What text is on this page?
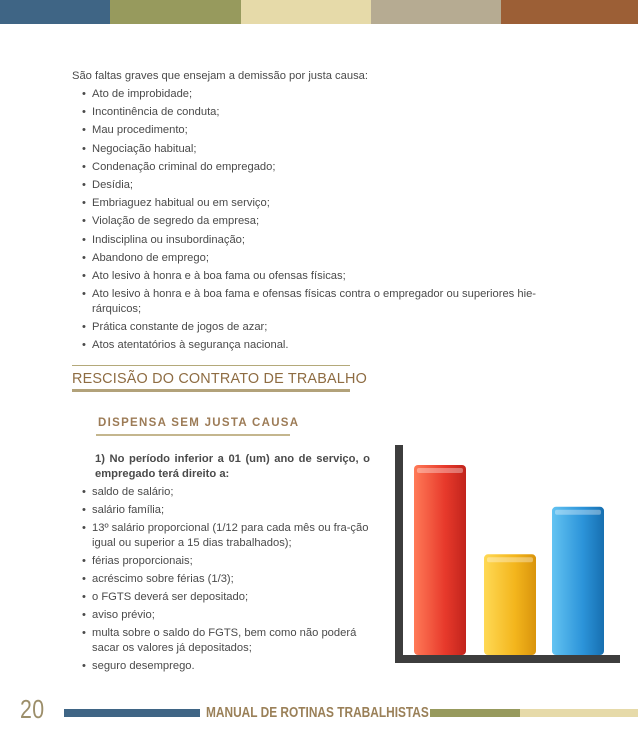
São faltas graves que ensejam a demissão por justa causa:
• Ato de improbidade;
• Incontinência de conduta;
• Mau procedimento;
• Negociação habitual;
• Condenação criminal do empregado;
• Desídia;
• Embriaguez habitual ou em serviço;
• Violação de segredo da empresa;
• Indisciplina ou insubordinação;
• Abandono de emprego;
• Ato lesivo à honra e à boa fama ou ofensas físicas;
• Ato lesivo à honra e à boa fama e ofensas físicas contra o empregador ou superiores hie-rárquicos;
• Prática constante de jogos de azar;
• Atos atentatórios à segurança nacional.
RESCISÃO DO CONTRATO DE TRABALHO
DISPENSA SEM JUSTA CAUSA
1) No período inferior a 01 (um) ano de serviço, o empregado terá direito a:
• saldo de salário;
• salário família;
• 13º salário proporcional (1/12 para cada mês ou fra-ção igual ou superior a 15 dias trabalhados);
• férias proporcionais;
• acréscimo sobre férias (1/3);
• o FGTS deverá ser depositado;
• aviso prévio;
• multa sobre o saldo do FGTS, bem como não poderá sacar os valores já depositados;
• seguro desemprego.
20	MANUAL DE ROTINAS TRABALHISTAS
